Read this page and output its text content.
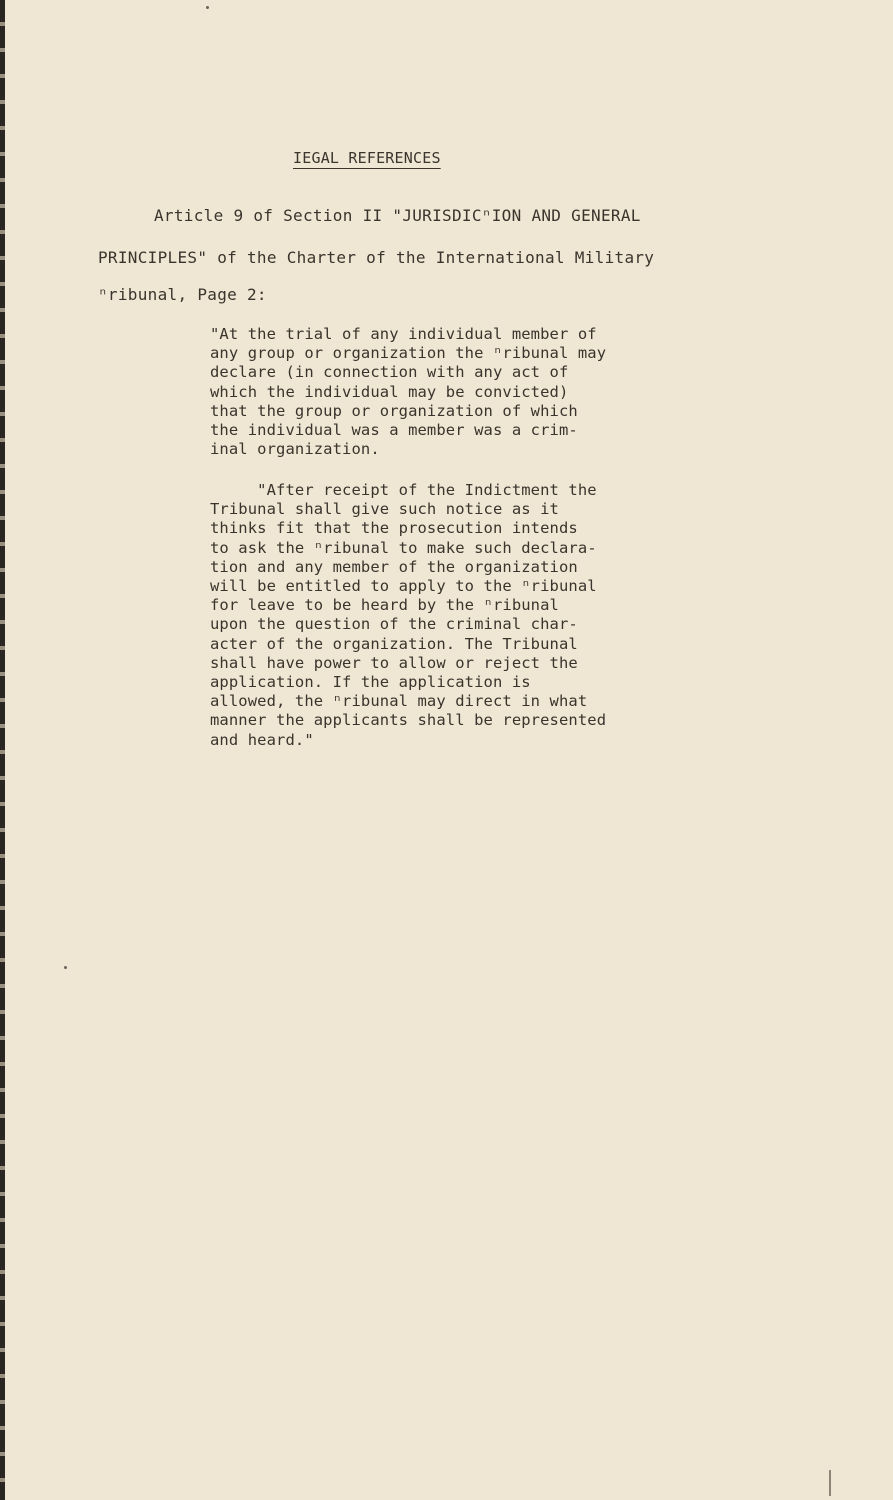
IEGAL REFERENCES
Article 9 of Section II "JURISDICⁿION AND GENERAL
PRINCIPLES" of the Charter of the International Military
ⁿribunal, Page 2:
"At the trial of any individual member of
any group or organization the ⁿribunal may
declare (in connection with any act of
which the individual may be convicted)
that the group or organization of which
the individual was a member was a crim-
inal organization.
"After receipt of the Indictment the
Tribunal shall give such notice as it
thinks fit that the prosecution intends
to ask the ⁿribunal to make such declara-
tion and any member of the organization
will be entitled to apply to the ⁿribunal
for leave to be heard by the ⁿribunal
upon the question of the criminal char-
acter of the organization. The Tribunal
shall have power to allow or reject the
application. If the application is
allowed, the ⁿribunal may direct in what
manner the applicants shall be represented
and heard."
